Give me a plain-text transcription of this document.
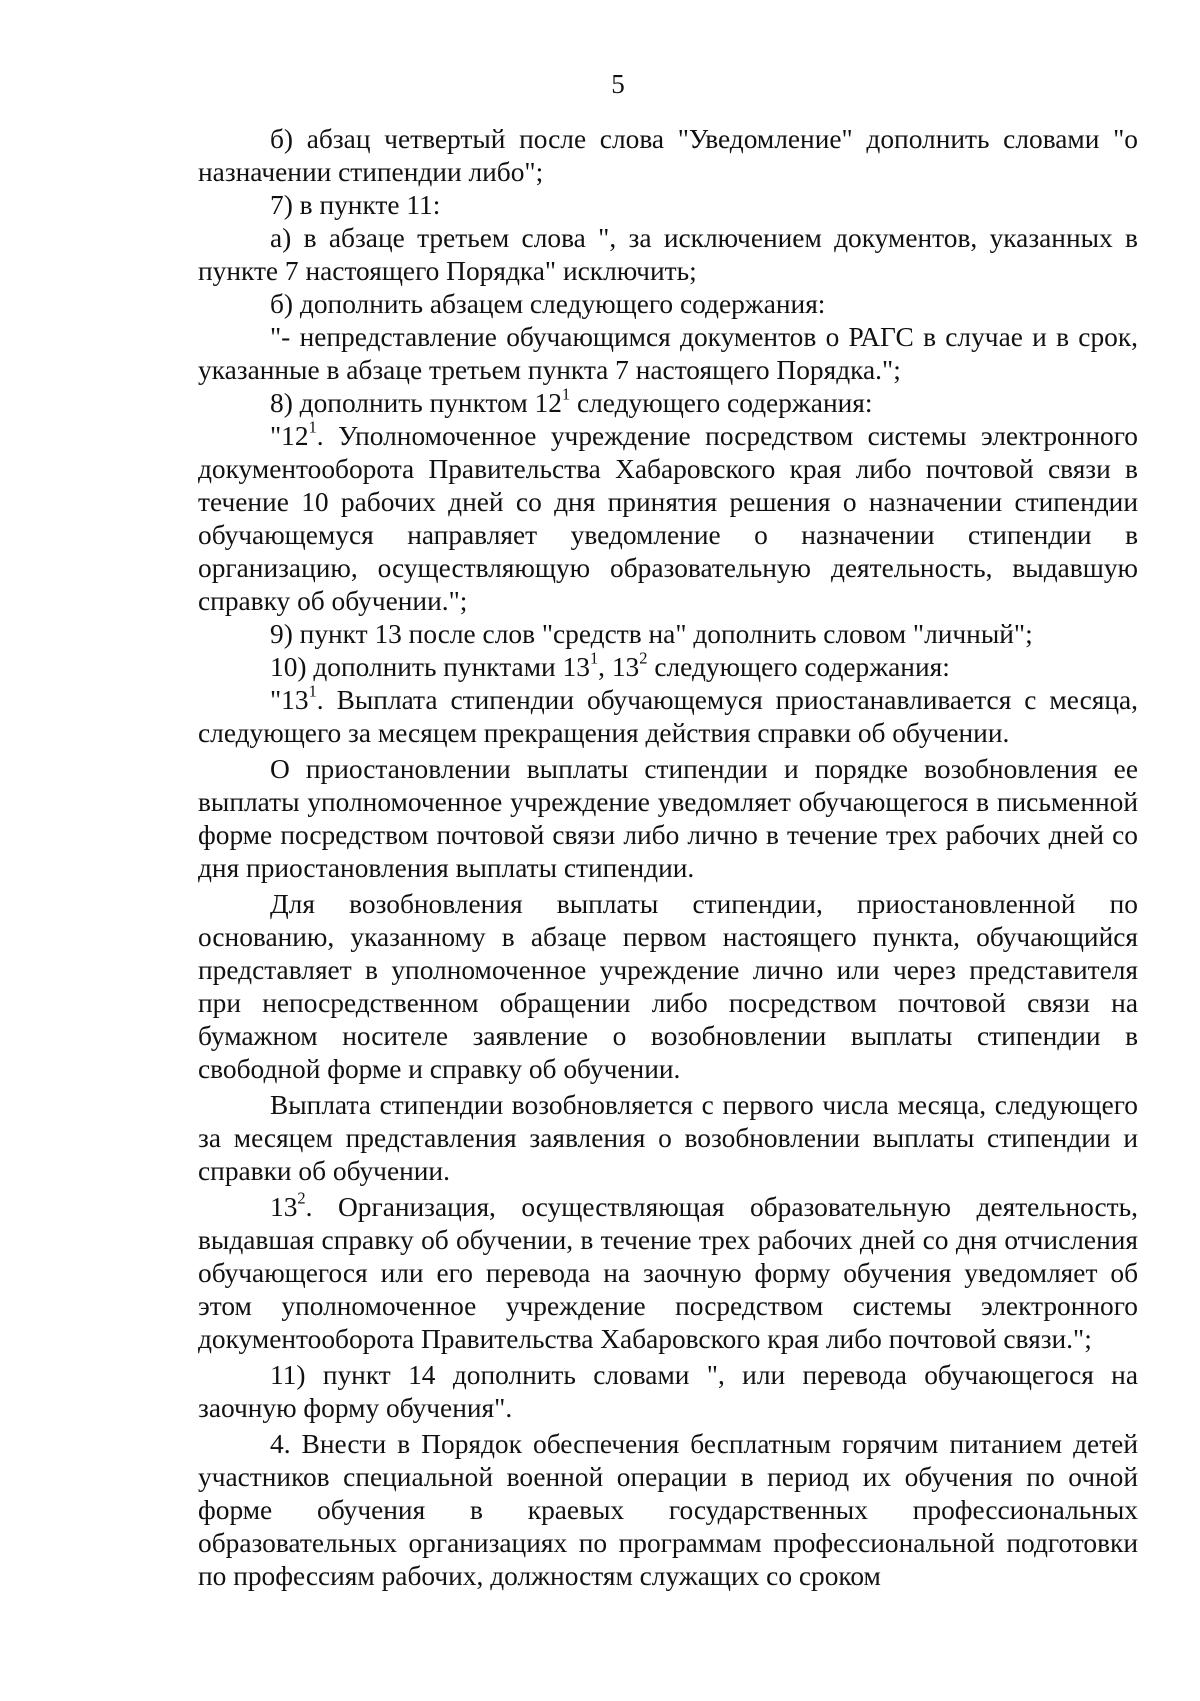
5

б) абзац четвертый после слова "Уведомление" дополнить словами "о назначении стипендии либо";

7) в пункте 11:

а) в абзаце третьем слова ", за исключением документов, указанных в пункте 7 настоящего Порядка" исключить;

б) дополнить абзацем следующего содержания:

"- непредставление обучающимся документов о РАГС в случае и в срок, указанные в абзаце третьем пункта 7 настоящего Порядка.";

8) дополнить пунктом $12^1$ следующего содержания:

"$12^1$. Уполномоченное учреждение посредством системы электронного документооборота Правительства Хабаровского края либо почтовой связи в течение 10 рабочих дней со дня принятия решения о назначении стипендии обучающемуся направляет уведомление о назначении стипендии в организацию, осуществляющую образовательную деятельность, выдавшую справку об обучении.";

9) пункт 13 после слов "средств на" дополнить словом "личный";

10) дополнить пунктами $13^1$, $13^2$ следующего содержания:

"$13^1$. Выплата стипендии обучающемуся приостанавливается с месяца, следующего за месяцем прекращения действия справки об обучении.

О приостановлении выплаты стипендии и порядке возобновления ее выплаты уполномоченное учреждение уведомляет обучающегося в письменной форме посредством почтовой связи либо лично в течение трех рабочих дней со дня приостановления выплаты стипендии.

Для возобновления выплаты стипендии, приостановленной по основанию, указанному в абзаце первом настоящего пункта, обучающийся представляет в уполномоченное учреждение лично или через представителя при непосредственном обращении либо посредством почтовой связи на бумажном носителе заявление о возобновлении выплаты стипендии в свободной форме и справку об обучении.

Выплата стипендии возобновляется с первого числа месяца, следующего за месяцем представления заявления о возобновлении выплаты стипендии и справки об обучении.

$13^2$. Организация, осуществляющая образовательную деятельность, выдавшая справку об обучении, в течение трех рабочих дней со дня отчисления обучающегося или его перевода на заочную форму обучения уведомляет об этом уполномоченное учреждение посредством системы электронного документооборота Правительства Хабаровского края либо почтовой связи.";

11) пункт 14 дополнить словами ", или перевода обучающегося на заочную форму обучения".

4. Внести в Порядок обеспечения бесплатным горячим питанием детей участников специальной военной операции в период их обучения по очной форме обучения в краевых государственных профессиональных образовательных организациях по программам профессиональной подготовки по профессиям рабочих, должностям служащих со сроком
